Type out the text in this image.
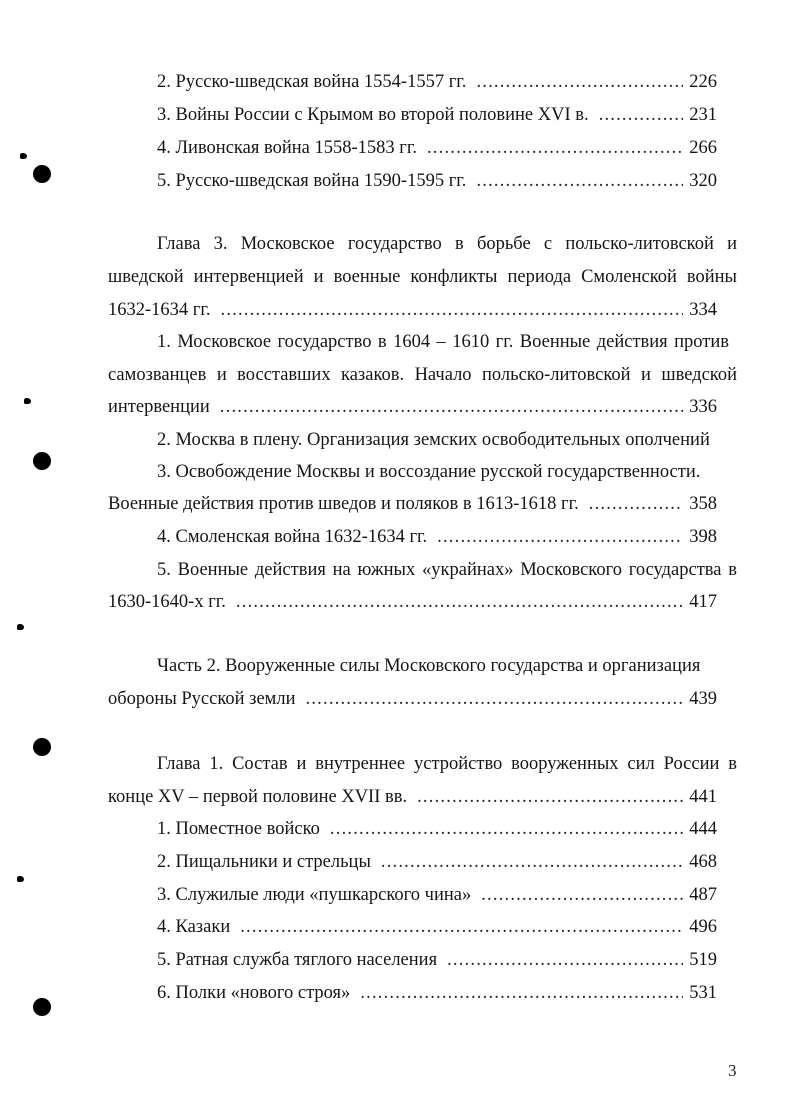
2. Русско-шведская война 1554-1557 гг. .....	226
3. Войны России с Крымом во второй половине XVI в. .....	231
4. Ливонская война 1558-1583 гг. .....	266
5. Русско-шведская война 1590-1595 гг. .....	320
Глава 3. Московское государство в борьбе с польско-литовской и
шведской интервенцией и военные конфликты периода Смоленской войны
1632-1634 гг. .....	334
1. Московское государство в 1604 – 1610 гг. Военные действия против
самозванцев и восставших казаков. Начало польско-литовской и шведской
интервенции .....	336
2. Москва в плену. Организация земских освободительных ополчений
3. Освобождение Москвы и воссоздание русской государственности.
Военные действия против шведов и поляков в 1613-1618 гг. .....	358
4. Смоленская война 1632-1634 гг. .....	398
5. Военные действия на южных «украйнах» Московского государства в
1630-1640-х гг. .....	417
Часть 2. Вооруженные силы Московского государства и организация
обороны Русской земли .....	439
Глава 1. Состав и внутреннее устройство вооруженных сил России в
конце XV – первой половине XVII вв. .....	441
1. Поместное войско .....	444
2. Пищальники и стрельцы .....	468
3. Служилые люди «пушкарского чина» .....	487
4. Казаки .....	496
5. Ратная служба тяглого населения .....	519
6. Полки «нового строя» .....	531
3
